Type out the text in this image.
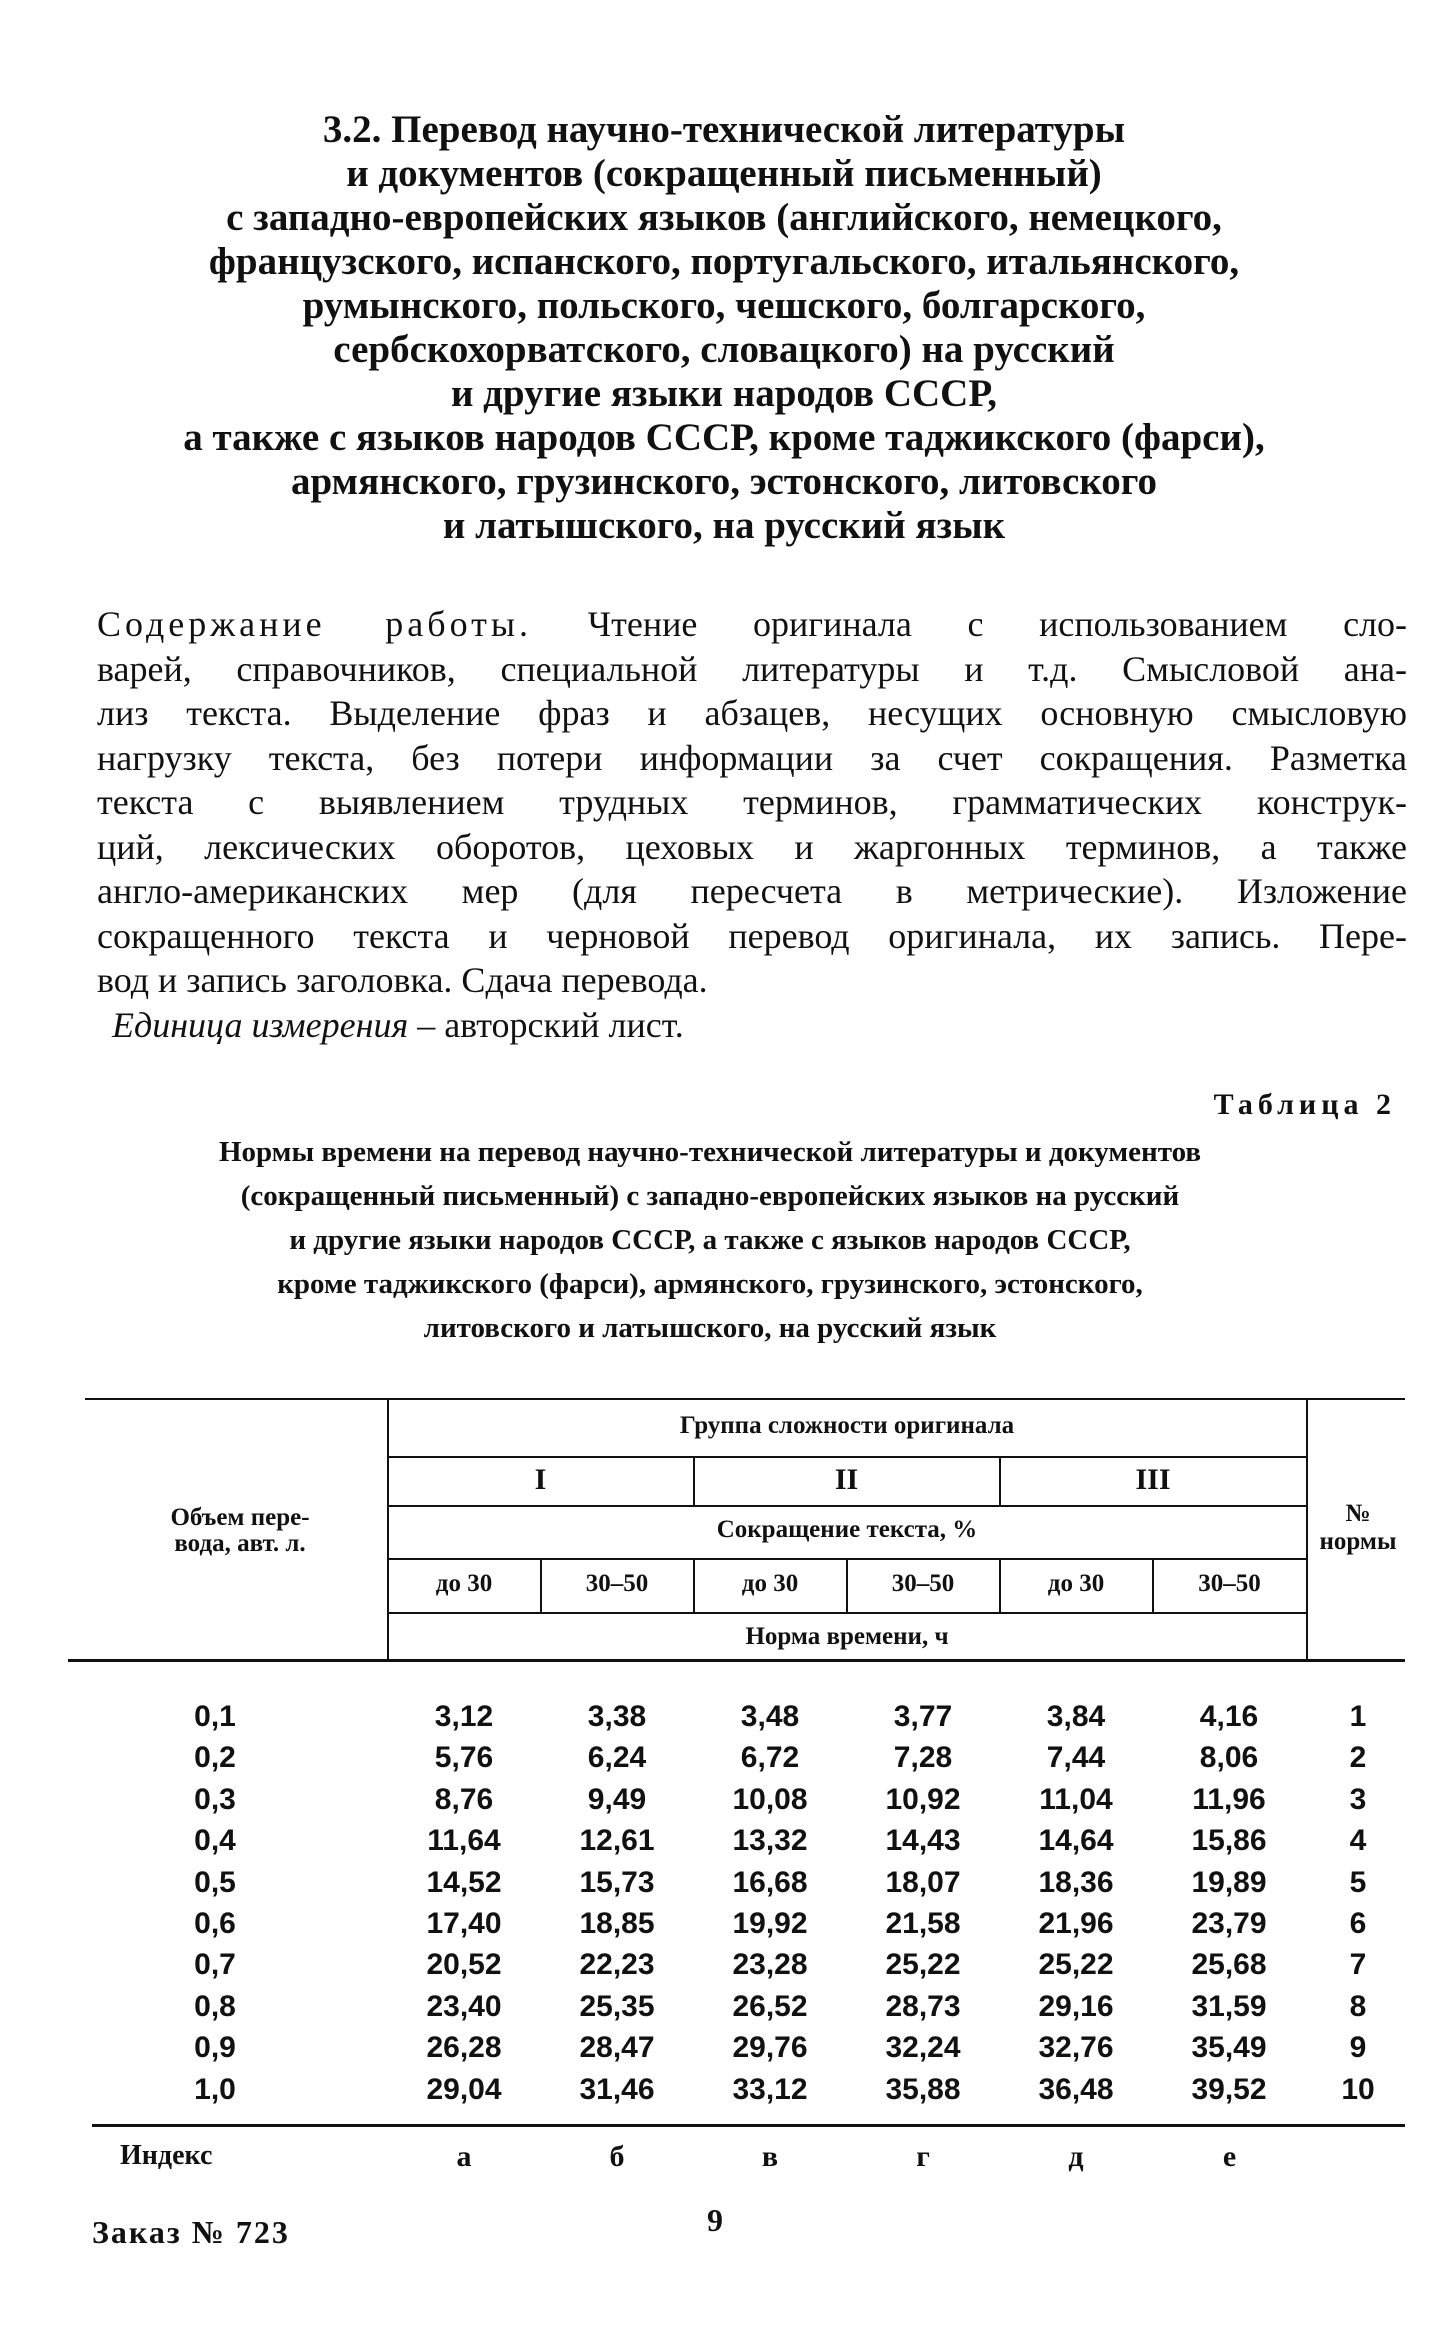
3.2. Перевод научно-технической литературы
и документов (сокращенный письменный)
с западно-европейских языков (английского, немецкого,
французского, испанского, португальского, итальянского,
румынского, польского, чешского, болгарского,
сербскохорватского, словацкого) на русский
и другие языки народов СССР,
а также с языков народов СССР, кроме таджикского (фарси),
армянского, грузинского, эстонского, литовского
и латышского, на русский язык
Содержание работы. Чтение оригинала с использованием сло-
варей, справочников, специальной литературы и т.д. Смысловой ана-
лиз текста. Выделение фраз и абзацев, несущих основную смысловую
нагрузку текста, без потери информации за счет сокращения. Разметка
текста с выявлением трудных терминов, грамматических конструк-
ций, лексических оборотов, цеховых и жаргонных терминов, а также
англо-американских мер (для пересчета в метрические). Изложение
сокращенного текста и черновой перевод оригинала, их запись. Пере-
вод и запись заголовка. Сдача перевода.
Единица измерения – авторский лист.
Таблица 2
Нормы времени на перевод научно-технической литературы и документов
(сокращенный письменный) с западно-европейских языков на русский
и другие языки народов СССР, а также с языков народов СССР,
кроме таджикского (фарси), армянского, грузинского, эстонского,
литовского и латышского, на русский язык
Объем пере-
вода, авт. л.
Группа сложности оригинала
I	II	III
Сокращение текста, %
до 30	30–50	до 30	30–50	до 30	30–50
Норма времени, ч
№
нормы
0,1	3,12	3,38	3,48	3,77	3,84	4,16	1
0,2	5,76	6,24	6,72	7,28	7,44	8,06	2
0,3	8,76	9,49	10,08	10,92	11,04	11,96	3
0,4	11,64	12,61	13,32	14,43	14,64	15,86	4
0,5	14,52	15,73	16,68	18,07	18,36	19,89	5
0,6	17,40	18,85	19,92	21,58	21,96	23,79	6
0,7	20,52	22,23	23,28	25,22	25,22	25,68	7
0,8	23,40	25,35	26,52	28,73	29,16	31,59	8
0,9	26,28	28,47	29,76	32,24	32,76	35,49	9
1,0	29,04	31,46	33,12	35,88	36,48	39,52	10
Индекс	а	б	в	г	д	е
Заказ № 723	9
